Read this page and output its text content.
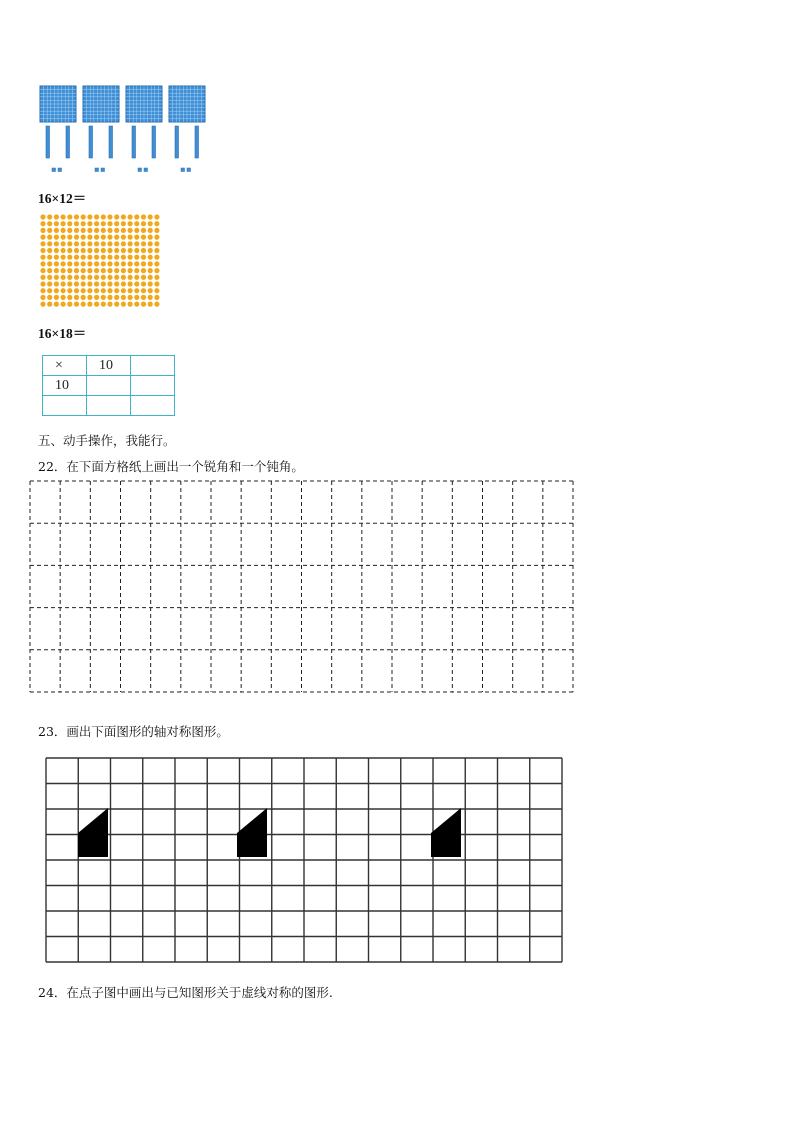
16×12＝
16×18＝
×	10	
10		

五、动手操作，我能行。
22．在下面方格纸上画出一个锐角和一个钝角。
23．画出下面图形的轴对称图形。
24．在点子图中画出与已知图形关于虚线对称的图形.
